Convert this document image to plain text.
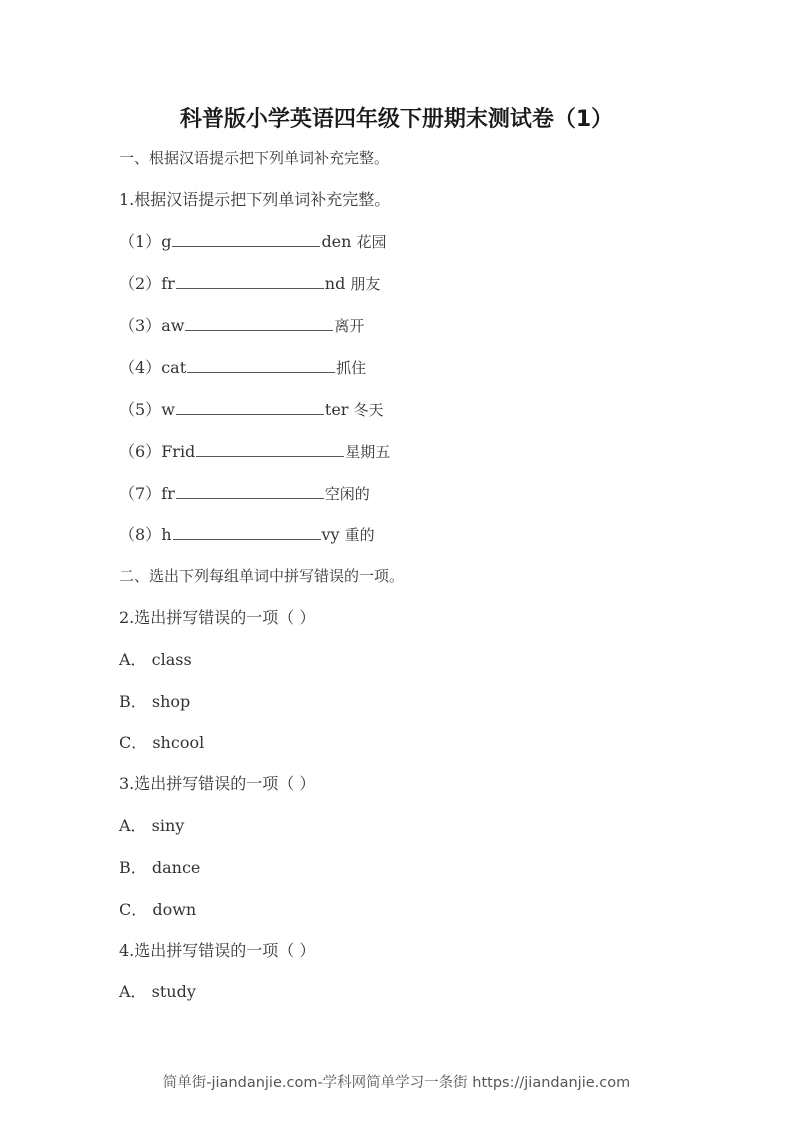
科普版小学英语四年级下册期末测试卷（1）
一、根据汉语提示把下列单词补充完整。
1.根据汉语提示把下列单词补充完整。
（1）g	den 花园
（2）fr	nd 朋友
（3）aw	离开
（4）cat	抓住
（5）w	ter 冬天
（6）Frid	星期五
（7）fr	空闲的
（8）h	vy 重的
二、选出下列每组单词中拼写错误的一项。
2.选出拼写错误的一项（ ）
A． class
B． shop
C． shcool
3.选出拼写错误的一项（ ）
A． siny
B． dance
C． down
4.选出拼写错误的一项（ ）
A． study
简单街-jiandanjie.com-学科网简单学习一条街 https://jiandanjie.com
